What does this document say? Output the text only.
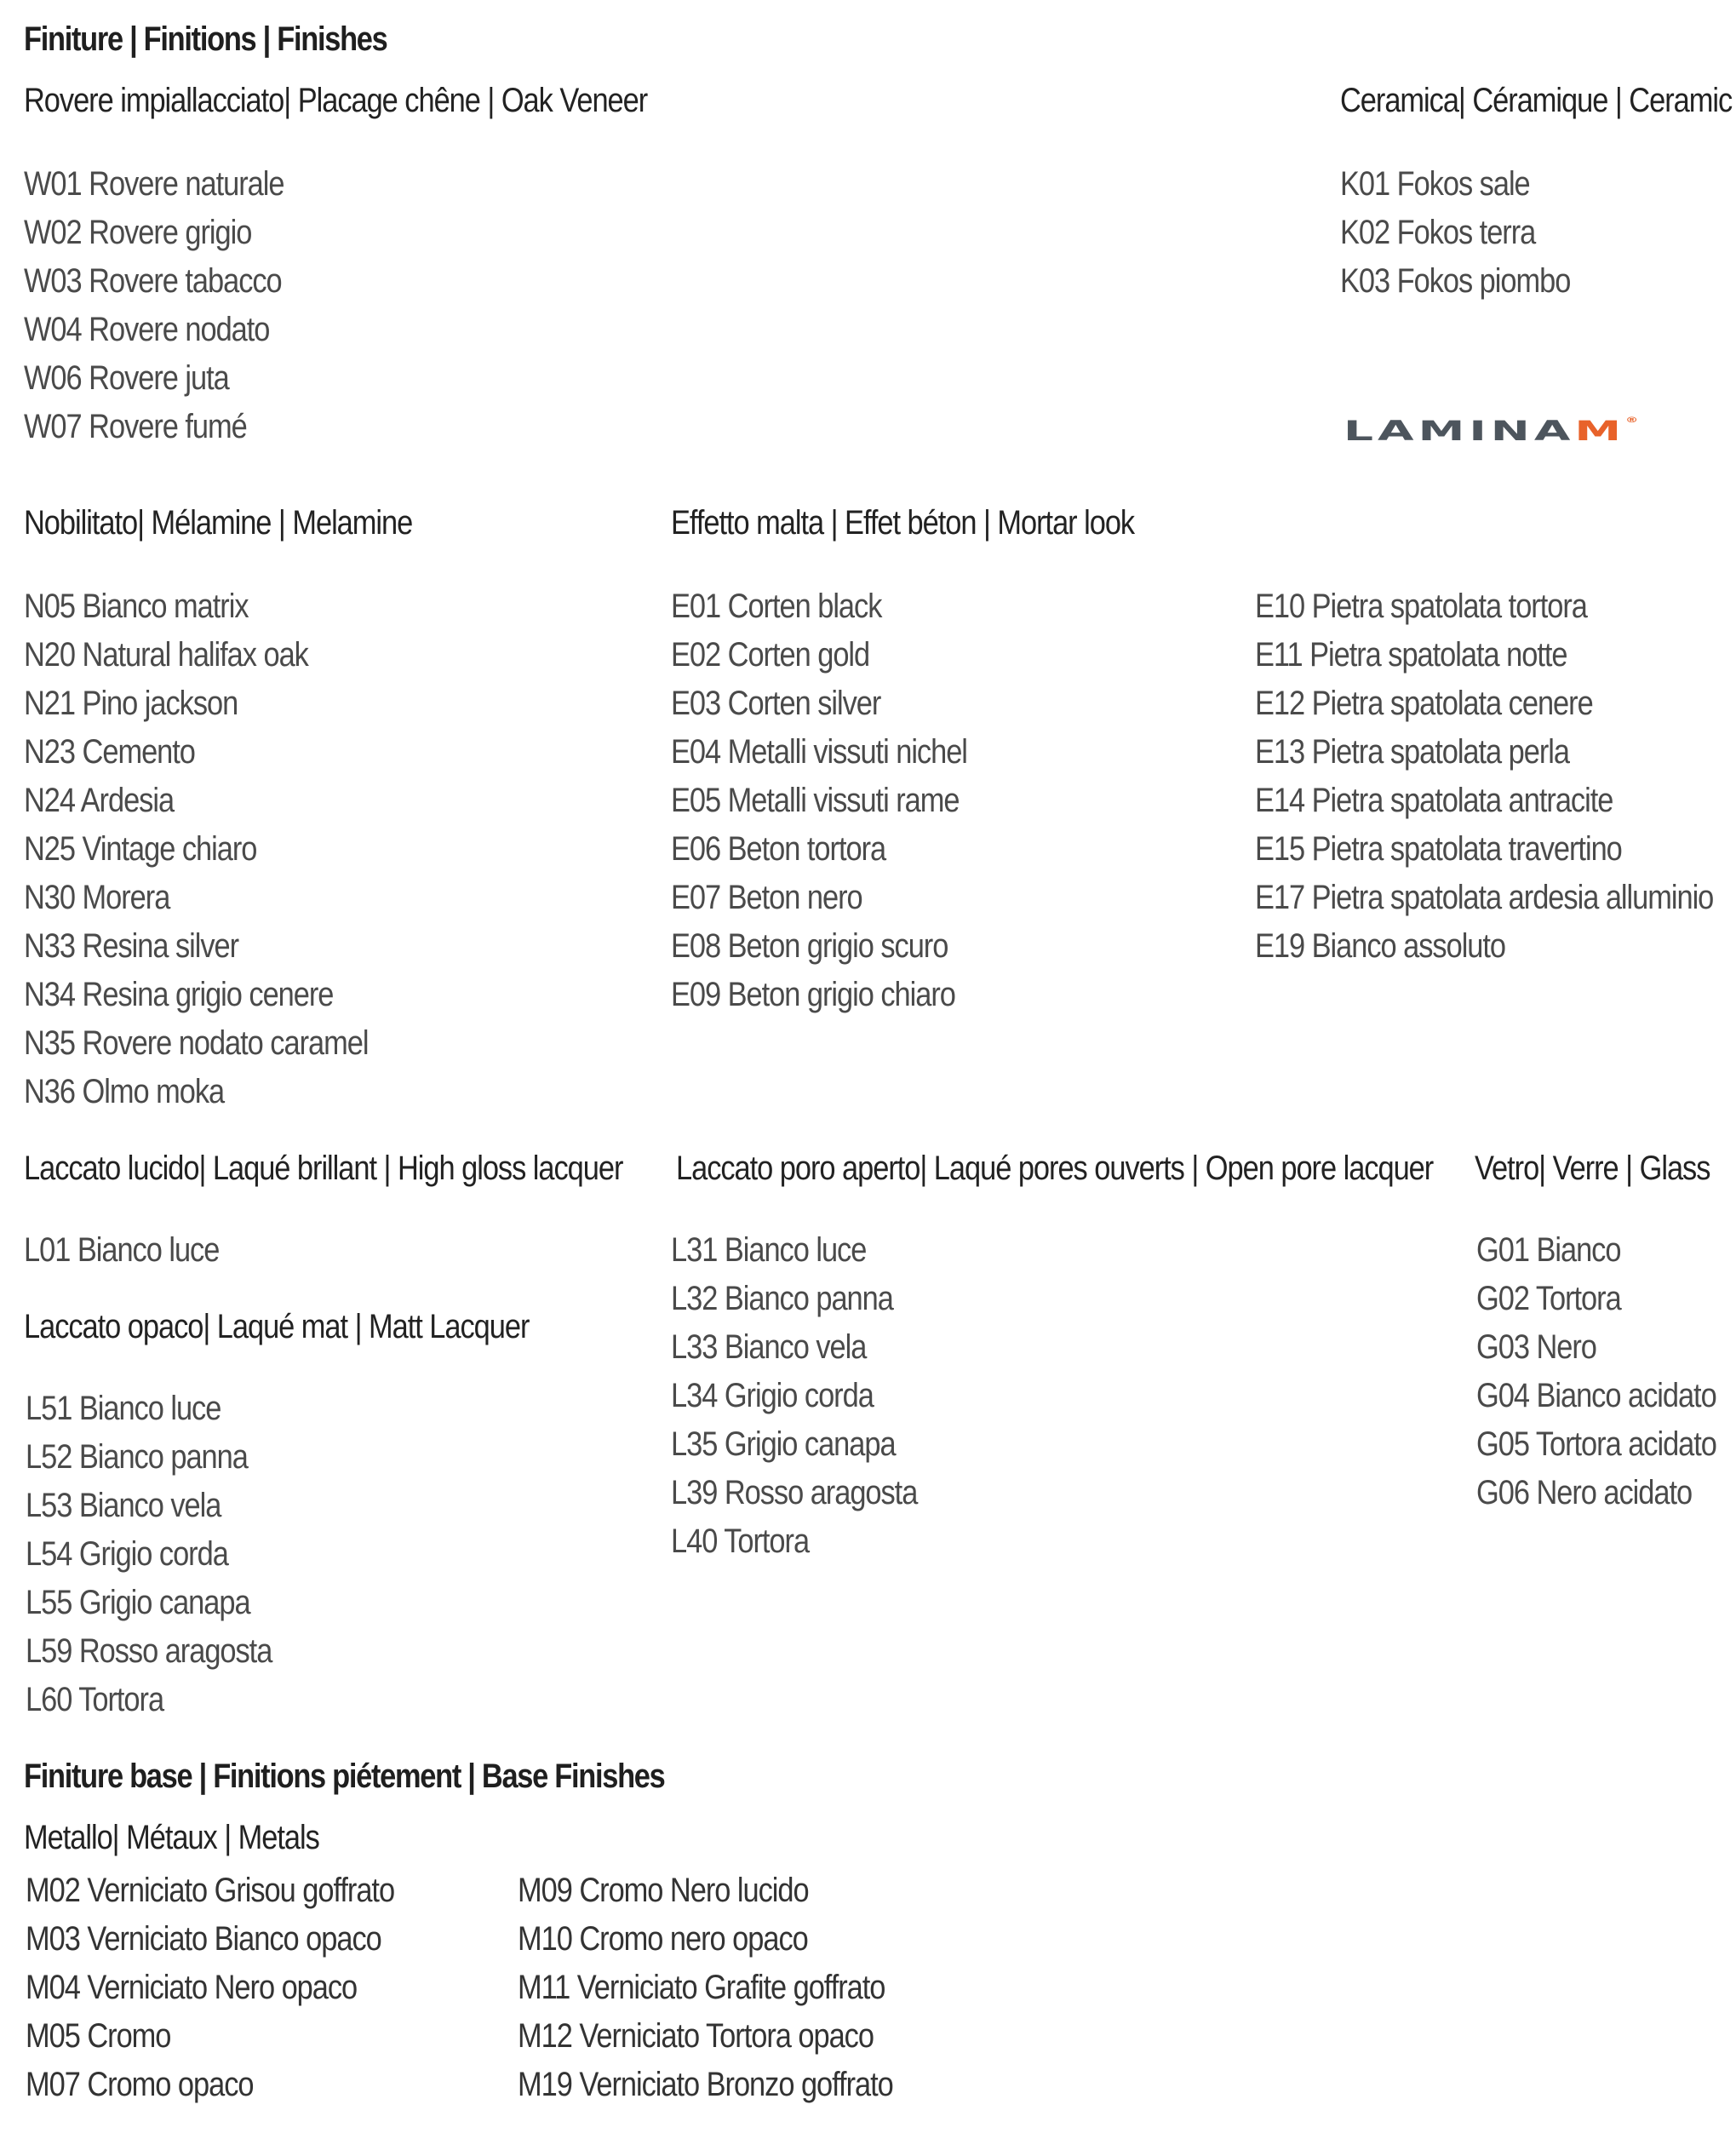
Finiture | Finitions | Finishes
Rovere impiallacciato| Placage chêne | Oak Veneer
W01 Rovere naturale
W02 Rovere grigio
W03 Rovere tabacco
W04 Rovere nodato
W06 Rovere juta
W07 Rovere fumé
Ceramica| Céramique | Ceramic
K01 Fokos sale
K02 Fokos terra
K03 Fokos piombo
LAMINAM®
Nobilitato| Mélamine | Melamine
N05 Bianco matrix
N20 Natural halifax oak
N21 Pino jackson
N23 Cemento
N24 Ardesia
N25 Vintage chiaro
N30 Morera
N33 Resina silver
N34 Resina grigio cenere
N35 Rovere nodato caramel
N36 Olmo moka
Effetto malta | Effet béton | Mortar look
E01 Corten black
E02 Corten gold
E03 Corten silver
E04 Metalli vissuti nichel
E05 Metalli vissuti rame
E06 Beton tortora
E07 Beton nero
E08 Beton grigio scuro
E09 Beton grigio chiaro
E10 Pietra spatolata tortora
E11 Pietra spatolata notte
E12 Pietra spatolata cenere
E13 Pietra spatolata perla
E14 Pietra spatolata antracite
E15 Pietra spatolata travertino
E17 Pietra spatolata ardesia alluminio
E19 Bianco assoluto
Laccato lucido| Laqué brillant | High gloss lacquer
L01 Bianco luce
Laccato opaco| Laqué mat | Matt Lacquer
L51 Bianco luce
L52 Bianco panna
L53 Bianco vela
L54 Grigio corda
L55 Grigio canapa
L59 Rosso aragosta
L60 Tortora
Laccato poro aperto| Laqué pores ouverts | Open pore lacquer
L31 Bianco luce
L32 Bianco panna
L33 Bianco vela
L34 Grigio corda
L35 Grigio canapa
L39 Rosso aragosta
L40 Tortora
Vetro| Verre | Glass
G01 Bianco
G02 Tortora
G03 Nero
G04 Bianco acidato
G05 Tortora acidato
G06 Nero acidato
Finiture base | Finitions piétement | Base Finishes
Metallo| Métaux | Metals
M02 Verniciato Grisou goffrato
M03 Verniciato Bianco opaco
M04 Verniciato Nero opaco
M05 Cromo
M07 Cromo opaco
M09 Cromo Nero lucido
M10 Cromo nero opaco
M11 Verniciato Grafite goffrato
M12 Verniciato Tortora opaco
M19 Verniciato Bronzo goffrato
